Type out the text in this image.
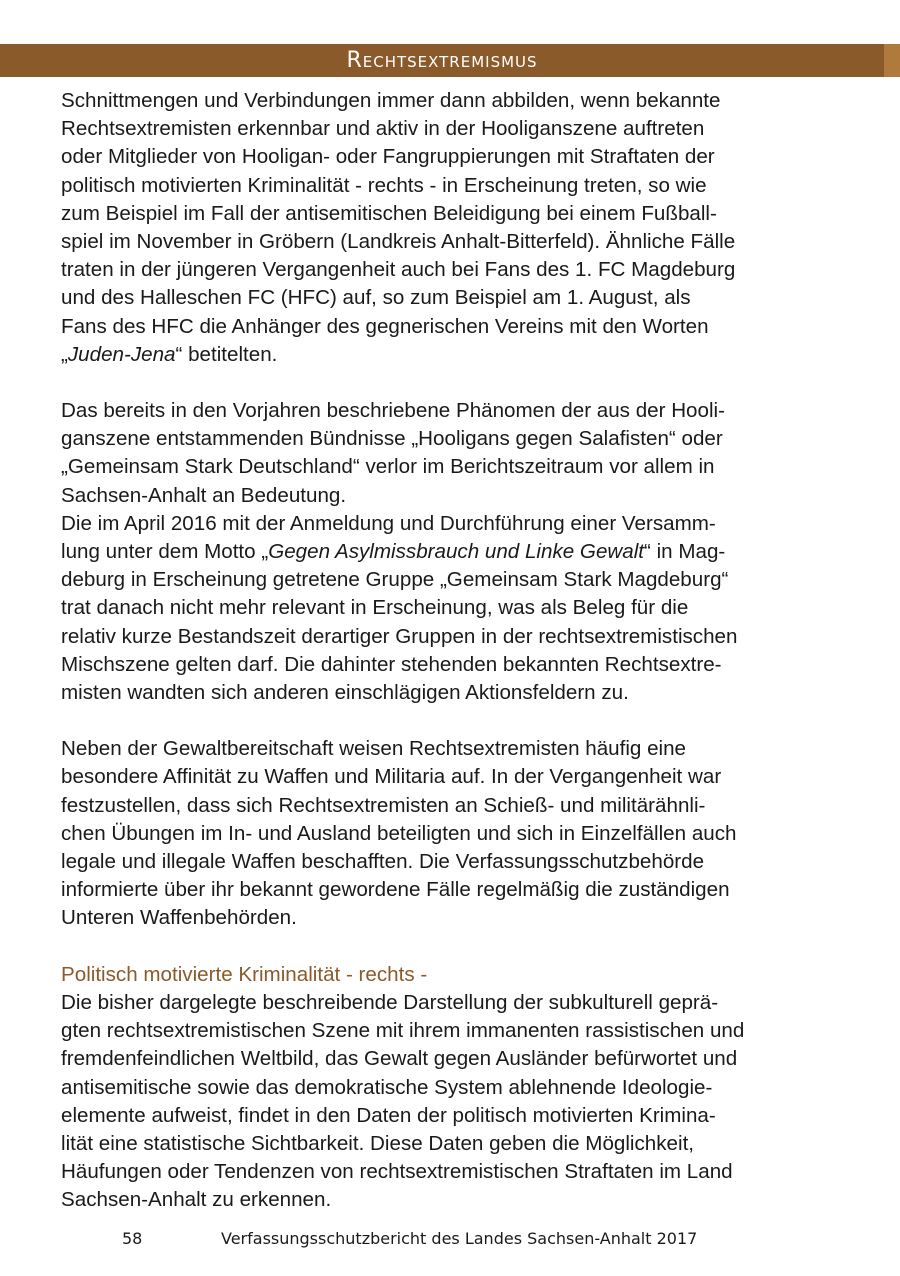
Rechtsextremismus

Schnittmengen und Verbindungen immer dann abbilden, wenn bekannte
Rechtsextremisten erkennbar und aktiv in der Hooliganszene auftreten
oder Mitglieder von Hooligan- oder Fangruppierungen mit Straftaten der
politisch motivierten Kriminalität - rechts - in Erscheinung treten, so wie
zum Beispiel im Fall der antisemitischen Beleidigung bei einem Fußball-
spiel im November in Gröbern (Landkreis Anhalt-Bitterfeld). Ähnliche Fälle
traten in der jüngeren Vergangenheit auch bei Fans des 1. FC Magdeburg
und des Halleschen FC (HFC) auf, so zum Beispiel am 1. August, als
Fans des HFC die Anhänger des gegnerischen Vereins mit den Worten
„Juden-Jena“ betitelten.

Das bereits in den Vorjahren beschriebene Phänomen der aus der Hooli-
ganszene entstammenden Bündnisse „Hooligans gegen Salafisten“ oder
„Gemeinsam Stark Deutschland“ verlor im Berichtszeitraum vor allem in
Sachsen-Anhalt an Bedeutung.
Die im April 2016 mit der Anmeldung und Durchführung einer Versamm-
lung unter dem Motto „Gegen Asylmissbrauch und Linke Gewalt“ in Mag-
deburg in Erscheinung getretene Gruppe „Gemeinsam Stark Magdeburg“
trat danach nicht mehr relevant in Erscheinung, was als Beleg für die
relativ kurze Bestandszeit derartiger Gruppen in der rechtsextremistischen
Mischszene gelten darf. Die dahinter stehenden bekannten Rechtsextre-
misten wandten sich anderen einschlägigen Aktionsfeldern zu.

Neben der Gewaltbereitschaft weisen Rechtsextremisten häufig eine
besondere Affinität zu Waffen und Militaria auf. In der Vergangenheit war
festzustellen, dass sich Rechtsextremisten an Schieß- und militärähnli-
chen Übungen im In- und Ausland beteiligten und sich in Einzelfällen auch
legale und illegale Waffen beschafften. Die Verfassungsschutzbehörde
informierte über ihr bekannt gewordene Fälle regelmäßig die zuständigen
Unteren Waffenbehörden.

Politisch motivierte Kriminalität - rechts -

Die bisher dargelegte beschreibende Darstellung der subkulturell geprä-
gten rechtsextremistischen Szene mit ihrem immanenten rassistischen und
fremdenfeindlichen Weltbild, das Gewalt gegen Ausländer befürwortet und
antisemitische sowie das demokratische System ablehnende Ideologie-
elemente aufweist, findet in den Daten der politisch motivierten Krimina-
lität eine statistische Sichtbarkeit. Diese Daten geben die Möglichkeit,
Häufungen oder Tendenzen von rechtsextremistischen Straftaten im Land
Sachsen-Anhalt zu erkennen.

58	Verfassungsschutzbericht des Landes Sachsen-Anhalt 2017
